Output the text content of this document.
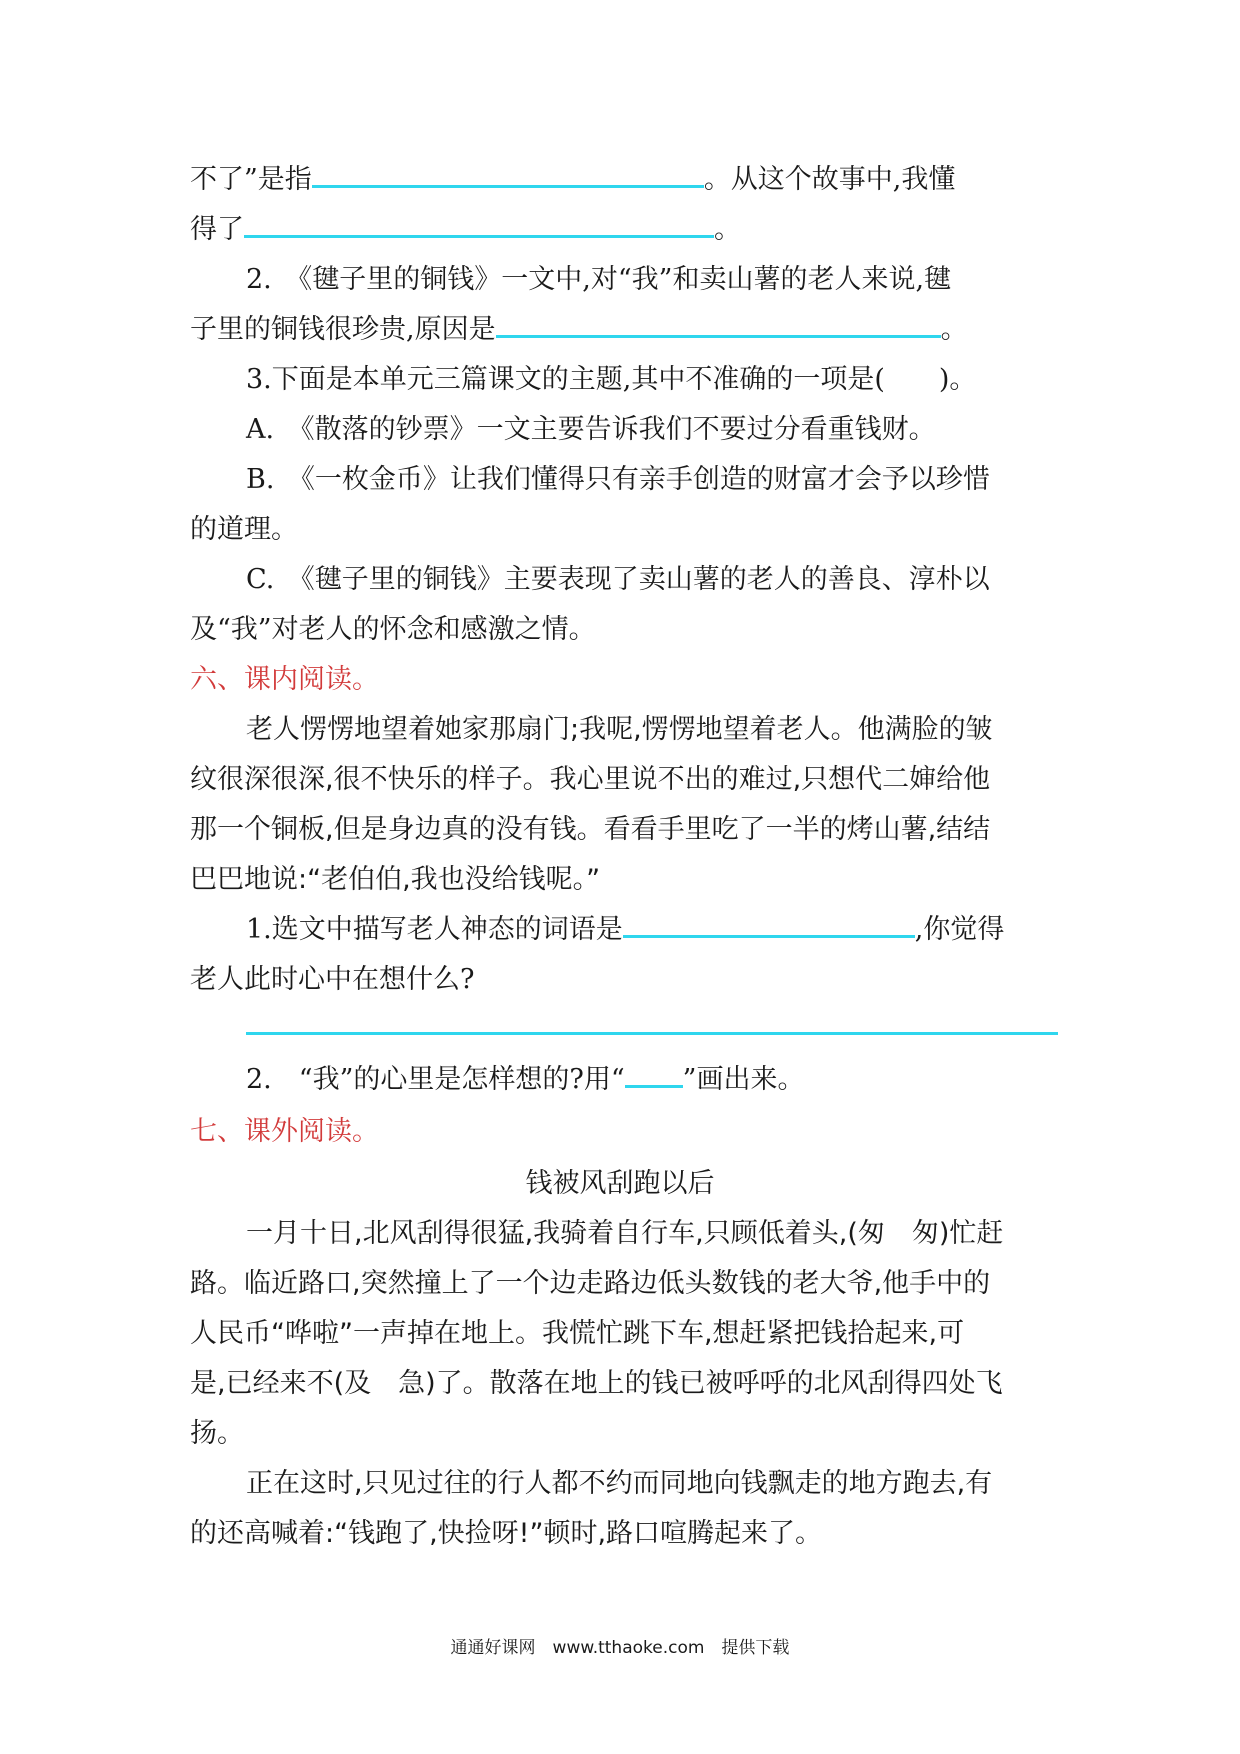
不了”是指	。从这个故事中,我懂
得了	。
2.　《毽子里的铜钱》一文中,对“我”和卖山薯的老人来说,毽
子里的铜钱很珍贵,原因是	。
3.下面是本单元三篇课文的主题,其中不准确的一项是(　　)。
A.　《散落的钞票》一文主要告诉我们不要过分看重钱财。
B.　《一枚金币》让我们懂得只有亲手创造的财富才会予以珍惜
的道理。
C.　《毽子里的铜钱》主要表现了卖山薯的老人的善良、淳朴以
及“我”对老人的怀念和感激之情。
六、课内阅读。
老人愣愣地望着她家那扇门;我呢,愣愣地望着老人。他满脸的皱
纹很深很深,很不快乐的样子。我心里说不出的难过,只想代二婶给他
那一个铜板,但是身边真的没有钱。看看手里吃了一半的烤山薯,结结
巴巴地说:“老伯伯,我也没给钱呢。”
1.选文中描写老人神态的词语是	,你觉得
老人此时心中在想什么?
2.　“我”的心里是怎样想的?用“ ”画出来。
七、课外阅读。
钱被风刮跑以后
一月十日,北风刮得很猛,我骑着自行车,只顾低着头,(匆　匆)忙赶
路。临近路口,突然撞上了一个边走路边低头数钱的老大爷,他手中的
人民币“哗啦”一声掉在地上。我慌忙跳下车,想赶紧把钱拾起来,可
是,已经来不(及　急)了。散落在地上的钱已被呼呼的北风刮得四处飞
扬。
正在这时,只见过往的行人都不约而同地向钱飘走的地方跑去,有
的还高喊着:“钱跑了,快捡呀!”顿时,路口喧腾起来了。
通通好课网　www.tthaoke.com　提供下载
